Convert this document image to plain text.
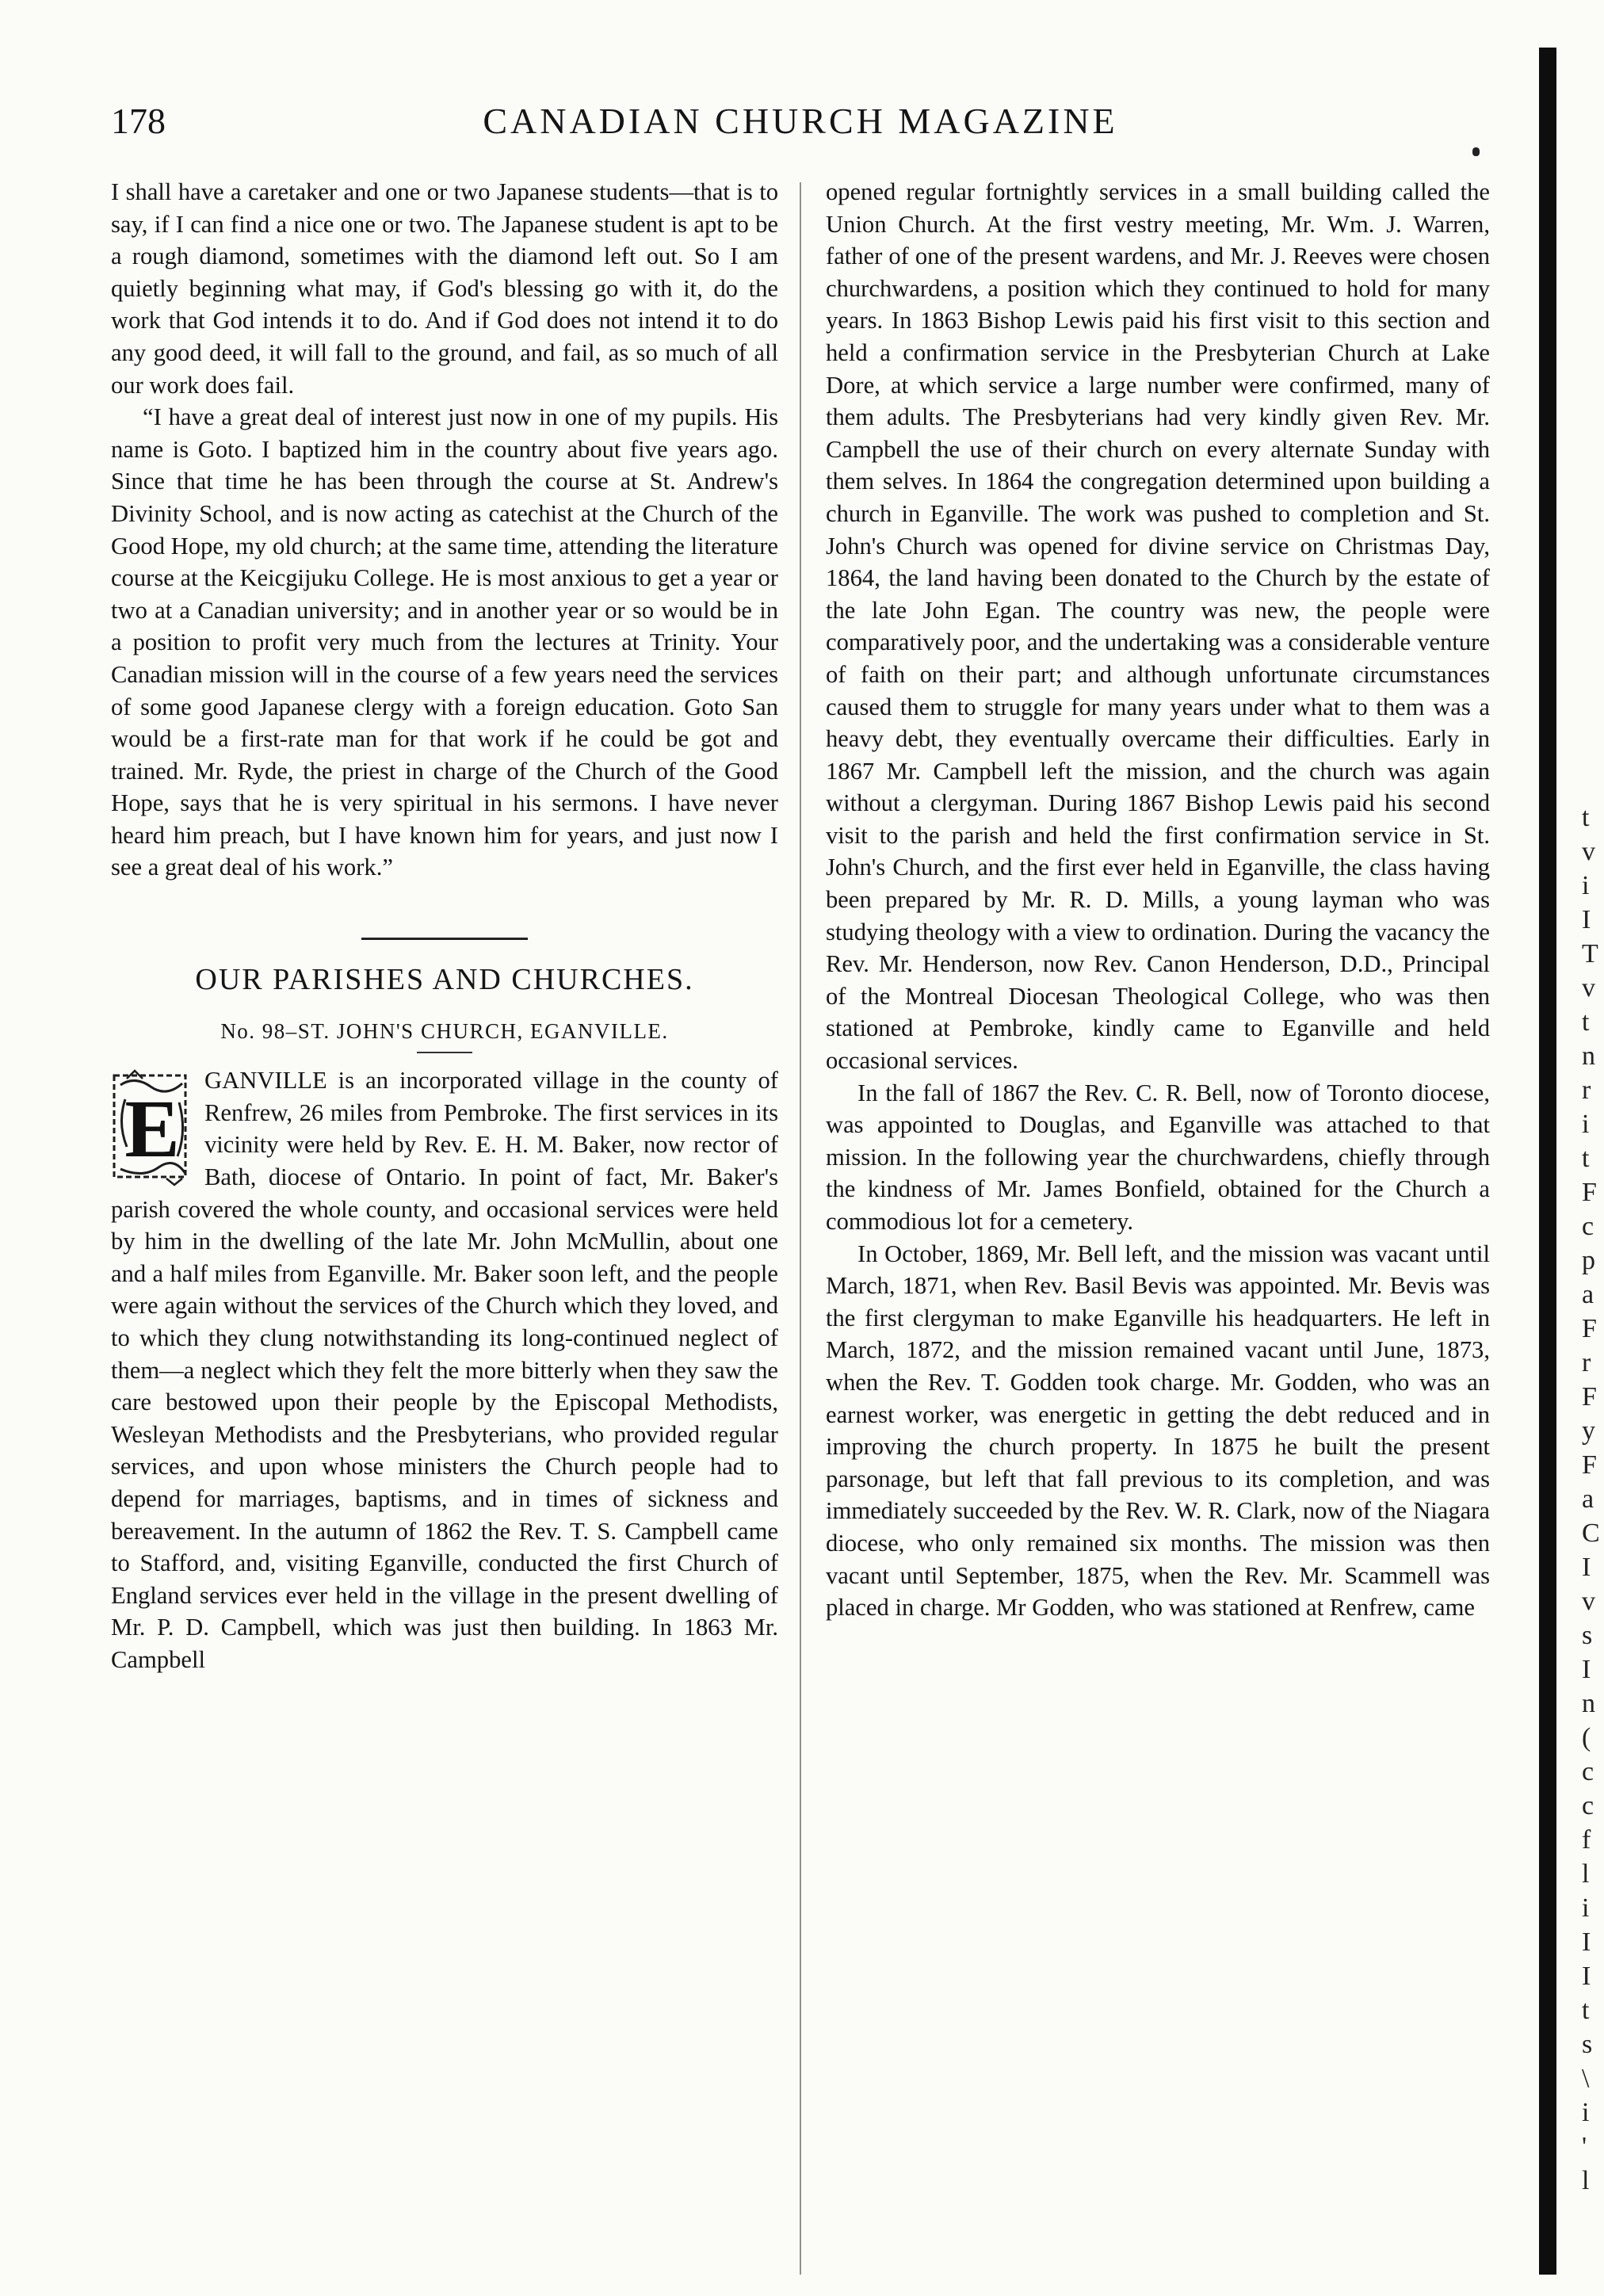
178	CANADIAN CHURCH MAGAZINE

I shall have a caretaker and one or two Japanese students—that is to say, if I can find a nice one or two. The Japanese student is apt to be a rough diamond, sometimes with the diamond left out. So I am quietly beginning what may, if God's blessing go with it, do the work that God intends it to do. And if God does not intend it to do any good deed, it will fall to the ground, and fail, as so much of all our work does fail.

“I have a great deal of interest just now in one of my pupils. His name is Goto. I baptized him in the country about five years ago. Since that time he has been through the course at St. Andrew's Divinity School, and is now acting as catechist at the Church of the Good Hope, my old church; at the same time, attending the literature course at the Keicgijuku College. He is most anxious to get a year or two at a Canadian university; and in another year or so would be in a position to profit very much from the lectures at Trinity. Your Canadian mission will in the course of a few years need the services of some good Japanese clergy with a foreign education. Goto San would be a first-rate man for that work if he could be got and trained. Mr. Ryde, the priest in charge of the Church of the Good Hope, says that he is very spiritual in his sermons. I have never heard him preach, but I have known him for years, and just now I see a great deal of his work.”

OUR PARISHES AND CHURCHES.
No. 98–ST. JOHN'S CHURCH, EGANVILLE.

E
GANVILLE is an incorporated village in the county of Renfrew, 26 miles from Pembroke. The first services in its vicinity were held by Rev. E. H. M. Baker, now rector of Bath, diocese of Ontario. In point of fact, Mr. Baker's parish covered the whole county, and occasional services were held by him in the dwelling of the late Mr. John McMullin, about one and a half miles from Eganville. Mr. Baker soon left, and the people were again without the services of the Church which they loved, and to which they clung notwithstanding its long-continued neglect of them—a neglect which they felt the more bitterly when they saw the care bestowed upon their people by the Episcopal Methodists, Wesleyan Methodists and the Presbyterians, who provided regular services, and upon whose ministers the Church people had to depend for marriages, baptisms, and in times of sickness and bereavement. In the autumn of 1862 the Rev. T. S. Campbell came to Stafford, and, visiting Eganville, conducted the first Church of England services ever held in the village in the present dwelling of Mr. P. D. Campbell, which was just then building. In 1863 Mr. Campbell

opened regular fortnightly services in a small building called the Union Church. At the first vestry meeting, Mr. Wm. J. Warren, father of one of the present wardens, and Mr. J. Reeves were chosen churchwardens, a position which they continued to hold for many years. In 1863 Bishop Lewis paid his first visit to this section and held a confirmation service in the Presbyterian Church at Lake Dore, at which service a large number were confirmed, many of them adults. The Presbyterians had very kindly given Rev. Mr. Campbell the use of their church on every alternate Sunday with them selves. In 1864 the congregation determined upon building a church in Eganville. The work was pushed to completion and St. John's Church was opened for divine service on Christmas Day, 1864, the land having been donated to the Church by the estate of the late John Egan. The country was new, the people were comparatively poor, and the undertaking was a considerable venture of faith on their part; and although unfortunate circumstances caused them to struggle for many years under what to them was a heavy debt, they eventually overcame their difficulties. Early in 1867 Mr. Campbell left the mission, and the church was again without a clergyman. During 1867 Bishop Lewis paid his second visit to the parish and held the first confirmation service in St. John's Church, and the first ever held in Eganville, the class having been prepared by Mr. R. D. Mills, a young layman who was studying theology with a view to ordination. During the vacancy the Rev. Mr. Henderson, now Rev. Canon Henderson, D.D., Principal of the Montreal Diocesan Theological College, who was then stationed at Pembroke, kindly came to Eganville and held occasional services.

In the fall of 1867 the Rev. C. R. Bell, now of Toronto diocese, was appointed to Douglas, and Eganville was attached to that mission. In the following year the churchwardens, chiefly through the kindness of Mr. James Bonfield, obtained for the Church a commodious lot for a cemetery.

In October, 1869, Mr. Bell left, and the mission was vacant until March, 1871, when Rev. Basil Bevis was appointed. Mr. Bevis was the first clergyman to make Eganville his headquarters. He left in March, 1872, and the mission remained vacant until June, 1873, when the Rev. T. Godden took charge. Mr. Godden, who was an earnest worker, was energetic in getting the debt reduced and in improving the church property. In 1875 he built the present parsonage, but left that fall previous to its completion, and was immediately succeeded by the Rev. W. R. Clark, now of the Niagara diocese, who only remained six months. The mission was then vacant until September, 1875, when the Rev. Mr. Scammell was placed in charge. Mr Godden, who was stationed at Renfrew, came

t
v
i
I
T
v
t
n
r
i
t
F
c
p
a
F
r
F
y
F
a
C
I
v
s
I
n
(
c
c
f
l
i
I
I
t
s
\
i
'
l
